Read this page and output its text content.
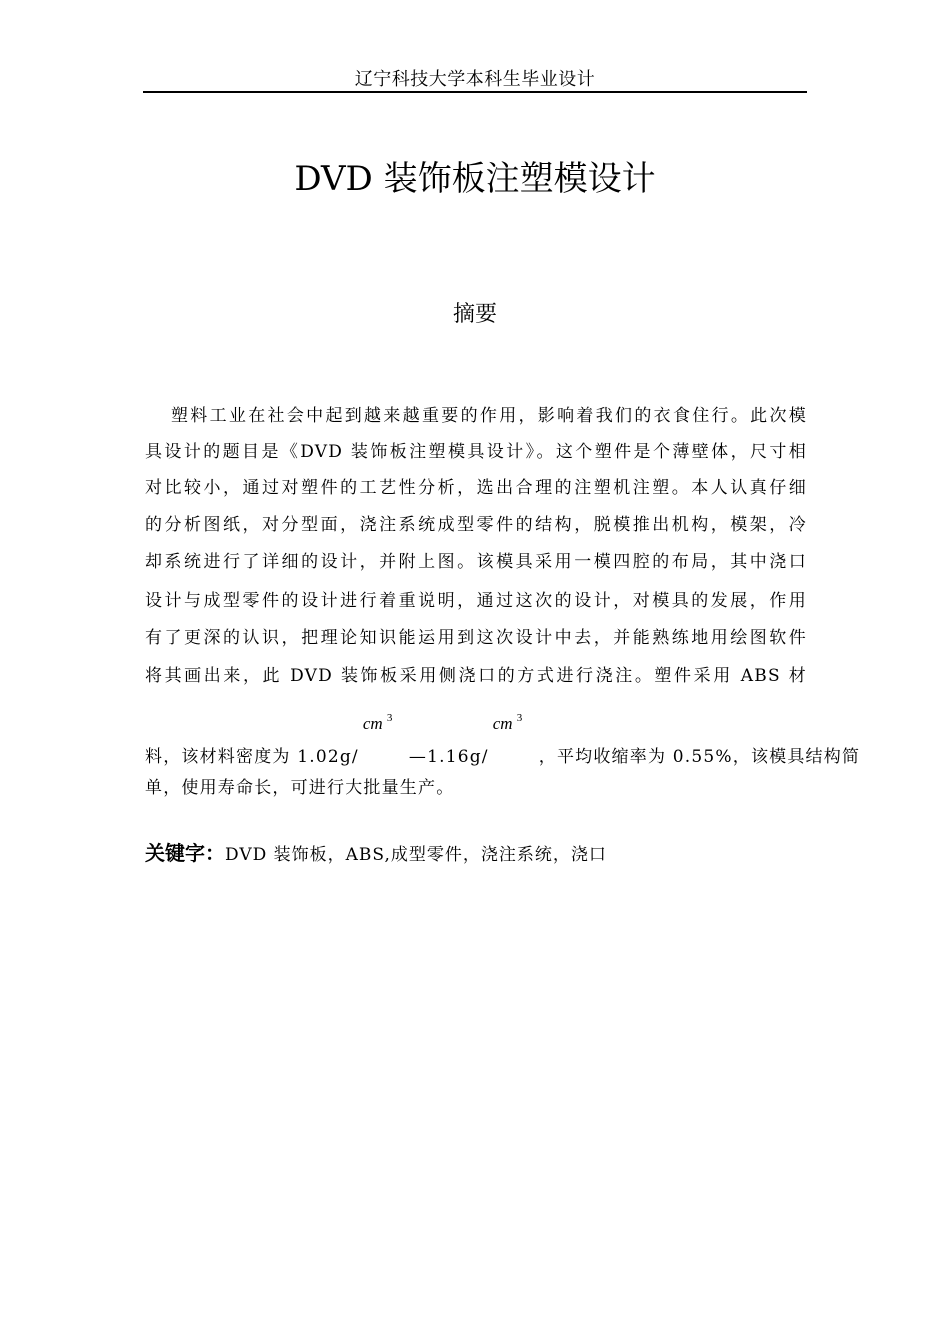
辽宁科技大学本科生毕业设计
DVD 装饰板注塑模设计
摘要
塑料工业在社会中起到越来越重要的作用，影响着我们的衣食住行。此次模
具设计的题目是《DVD 装饰板注塑模具设计》。这个塑件是个薄壁体，尺寸相
对比较小，通过对塑件的工艺性分析，选出合理的注塑机注塑。本人认真仔细
的分析图纸，对分型面，浇注系统成型零件的结构，脱模推出机构，模架，冷
却系统进行了详细的设计，并附上图。该模具采用一模四腔的布局，其中浇口
设计与成型零件的设计进行着重说明，通过这次的设计，对模具的发展，作用
有了更深的认识，把理论知识能运用到这次设计中去，并能熟练地用绘图软件
将其画出来，此 DVD 装饰板采用侧浇口的方式进行浇注。塑件采用 ABS 材
料，该材料密度为 1.02g/
cm 3
—1.16g/
cm 3
，平均收缩率为 0.55%，该模具结构简
单，使用寿命长，可进行大批量生产。
关键字：DVD 装饰板，ABS,成型零件，浇注系统，浇口
